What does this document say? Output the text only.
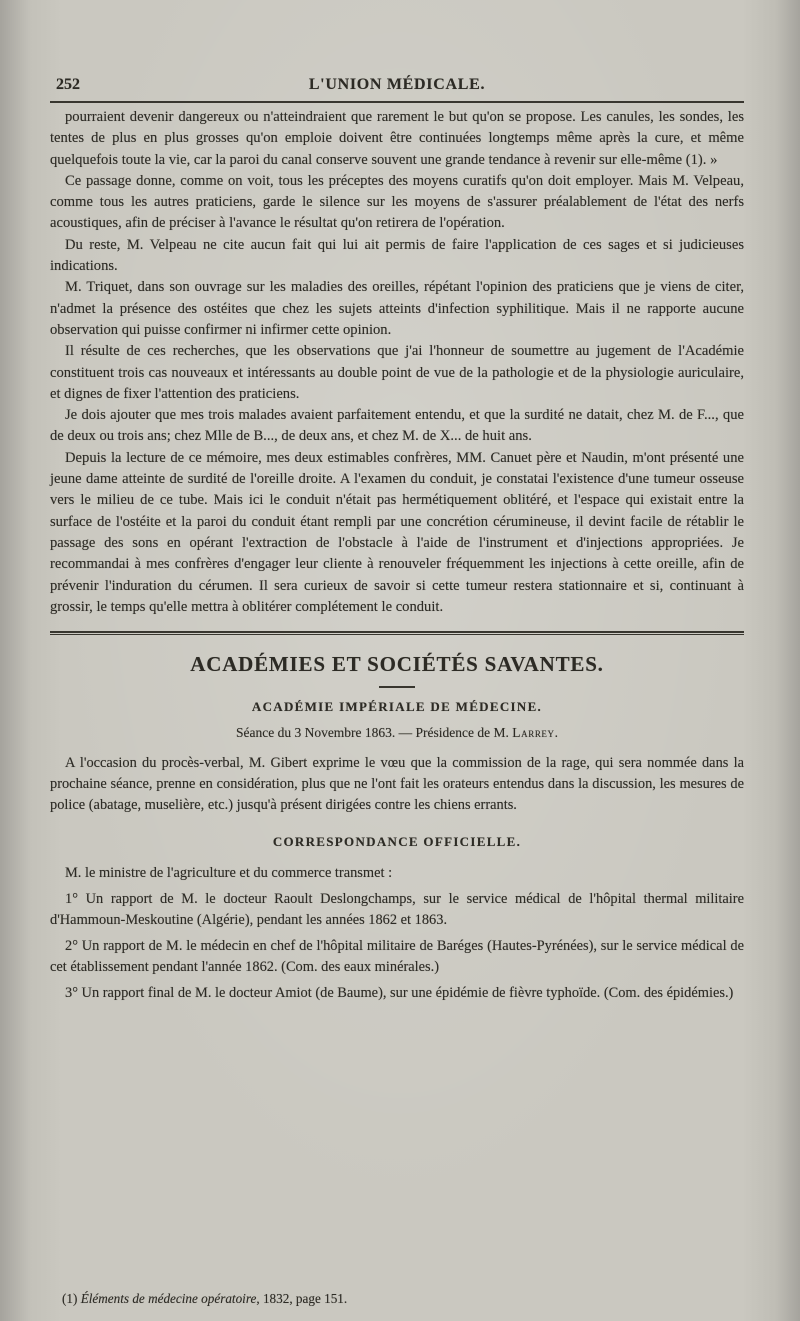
252	L'UNION MÉDICALE.

pourraient devenir dangereux ou n'atteindraient que rarement le but qu'on se propose. Les canules, les sondes, les tentes de plus en plus grosses qu'on emploie doivent être continuées longtemps même après la cure, et même quelquefois toute la vie, car la paroi du canal conserve souvent une grande tendance à revenir sur elle-même (1). »

Ce passage donne, comme on voit, tous les préceptes des moyens curatifs qu'on doit employer. Mais M. Velpeau, comme tous les autres praticiens, garde le silence sur les moyens de s'assurer préalablement de l'état des nerfs acoustiques, afin de préciser à l'avance le résultat qu'on retirera de l'opération.

Du reste, M. Velpeau ne cite aucun fait qui lui ait permis de faire l'application de ces sages et si judicieuses indications.

M. Triquet, dans son ouvrage sur les maladies des oreilles, répétant l'opinion des praticiens que je viens de citer, n'admet la présence des ostéites que chez les sujets atteints d'infection syphilitique. Mais il ne rapporte aucune observation qui puisse confirmer ni infirmer cette opinion.

Il résulte de ces recherches, que les observations que j'ai l'honneur de soumettre au jugement de l'Académie constituent trois cas nouveaux et intéressants au double point de vue de la pathologie et de la physiologie auriculaire, et dignes de fixer l'attention des praticiens.

Je dois ajouter que mes trois malades avaient parfaitement entendu, et que la surdité ne datait, chez M. de F..., que de deux ou trois ans; chez Mlle de B..., de deux ans, et chez M. de X... de huit ans.

Depuis la lecture de ce mémoire, mes deux estimables confrères, MM. Canuet père et Naudin, m'ont présenté une jeune dame atteinte de surdité de l'oreille droite. A l'examen du conduit, je constatai l'existence d'une tumeur osseuse vers le milieu de ce tube. Mais ici le conduit n'était pas hermétiquement oblitéré, et l'espace qui existait entre la surface de l'ostéite et la paroi du conduit étant rempli par une concrétion cérumineuse, il devint facile de rétablir le passage des sons en opérant l'extraction de l'obstacle à l'aide de l'instrument et d'injections appropriées. Je recommandai à mes confrères d'engager leur cliente à renouveler fréquemment les injections à cette oreille, afin de prévenir l'induration du cérumen. Il sera curieux de savoir si cette tumeur restera stationnaire et si, continuant à grossir, le temps qu'elle mettra à oblitérer complétement le conduit.

ACADÉMIES ET SOCIÉTÉS SAVANTES.
ACADÉMIE IMPÉRIALE DE MÉDECINE.

Séance du 3 Novembre 1863. — Présidence de M. Larrey.

A l'occasion du procès-verbal, M. Gibert exprime le vœu que la commission de la rage, qui sera nommée dans la prochaine séance, prenne en considération, plus que ne l'ont fait les orateurs entendus dans la discussion, les mesures de police (abatage, muselière, etc.) jusqu'à présent dirigées contre les chiens errants.

CORRESPONDANCE OFFICIELLE.

M. le ministre de l'agriculture et du commerce transmet :

1° Un rapport de M. le docteur Raoult Deslongchamps, sur le service médical de l'hôpital thermal militaire d'Hammoun-Meskoutine (Algérie), pendant les années 1862 et 1863.

2° Un rapport de M. le médecin en chef de l'hôpital militaire de Baréges (Hautes-Pyrénées), sur le service médical de cet établissement pendant l'année 1862. (Com. des eaux minérales.)

3° Un rapport final de M. le docteur Amiot (de Baume), sur une épidémie de fièvre typhoïde. (Com. des épidémies.)

(1) Éléments de médecine opératoire, 1832, page 151.
